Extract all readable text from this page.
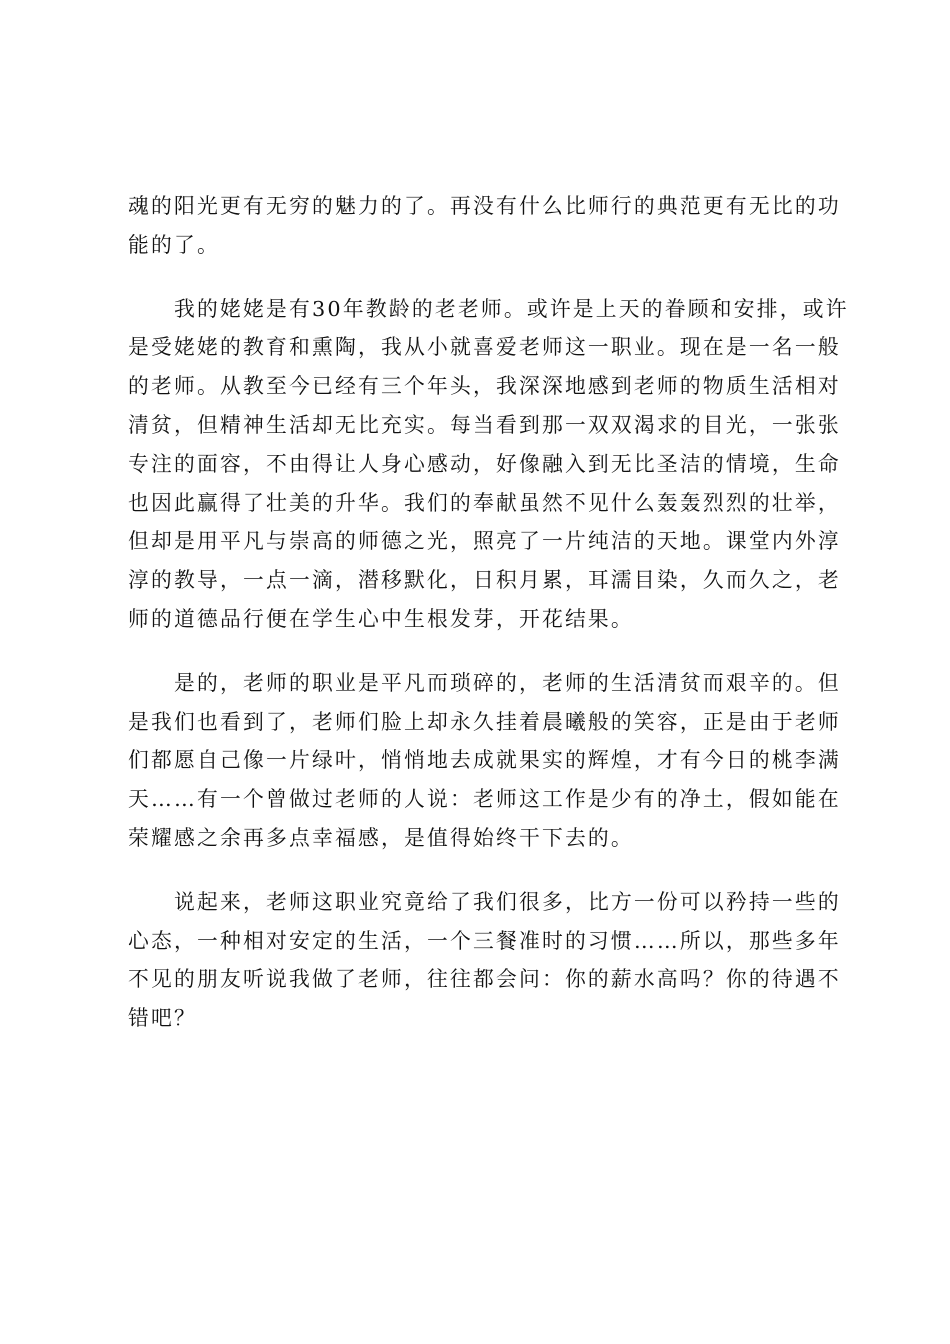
魂的阳光更有无穷的魅力的了。再没有什么比师行的典范更有无比的功
能的了。
我的姥姥是有30年教龄的老老师。或许是上天的眷顾和安排，或许
是受姥姥的教育和熏陶，我从小就喜爱老师这一职业。现在是一名一般
的老师。从教至今已经有三个年头，我深深地感到老师的物质生活相对
清贫，但精神生活却无比充实。每当看到那一双双渴求的目光，一张张
专注的面容，不由得让人身心感动，好像融入到无比圣洁的情境，生命
也因此赢得了壮美的升华。我们的奉献虽然不见什么轰轰烈烈的壮举，
但却是用平凡与崇高的师德之光，照亮了一片纯洁的天地。课堂内外淳
淳的教导，一点一滴，潜移默化，日积月累，耳濡目染，久而久之，老
师的道德品行便在学生心中生根发芽，开花结果。
是的，老师的职业是平凡而琐碎的，老师的生活清贫而艰辛的。但
是我们也看到了，老师们脸上却永久挂着晨曦般的笑容，正是由于老师
们都愿自己像一片绿叶，悄悄地去成就果实的辉煌，才有今日的桃李满
天……有一个曾做过老师的人说：老师这工作是少有的净土，假如能在
荣耀感之余再多点幸福感，是值得始终干下去的。
说起来，老师这职业究竟给了我们很多，比方一份可以矜持一些的
心态，一种相对安定的生活，一个三餐准时的习惯……所以，那些多年
不见的朋友听说我做了老师，往往都会问：你的薪水高吗？你的待遇不
错吧？
